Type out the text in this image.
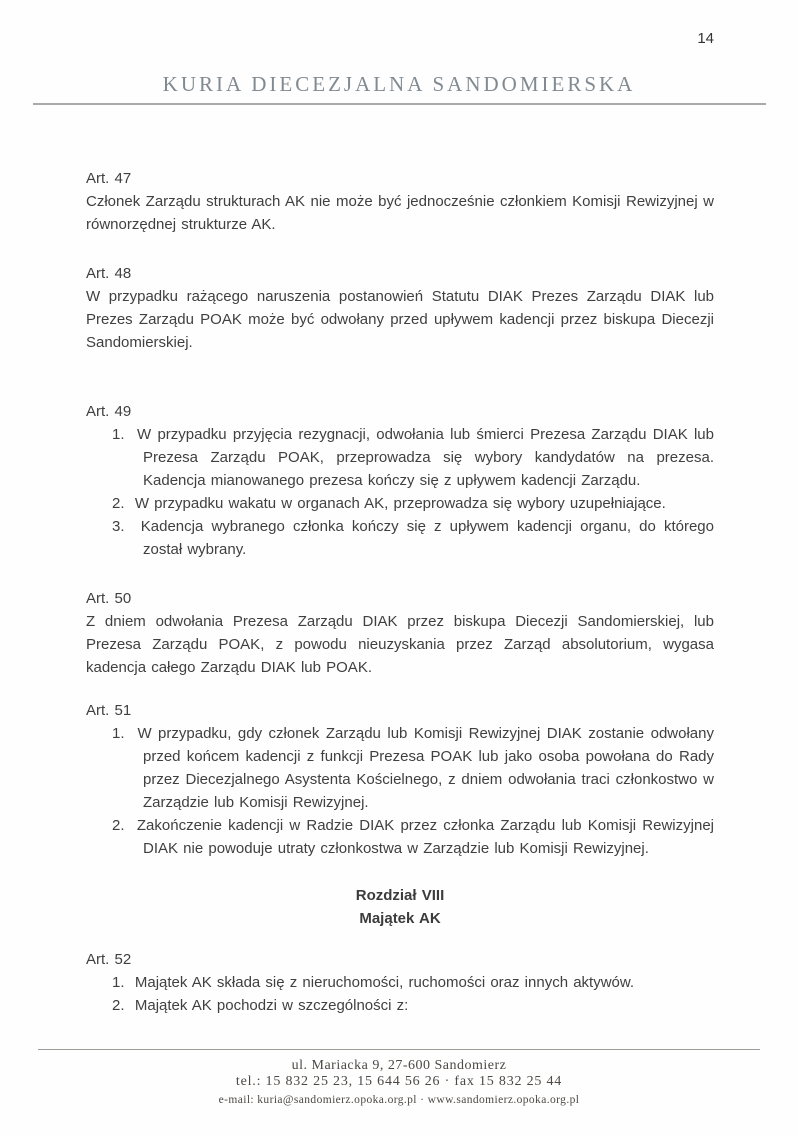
14
KURIA DIECEZJALNA SANDOMIERSKA
Art. 47

Członek Zarządu strukturach AK nie może być jednocześnie członkiem Komisji Rewizyjnej w równorzędnej strukturze AK.

Art. 48

W przypadku rażącego naruszenia postanowień Statutu DIAK Prezes Zarządu DIAK lub Prezes Zarządu POAK może być odwołany przed upływem kadencji przez biskupa Diecezji Sandomierskiej.

Art. 49
W przypadku przyjęcia rezygnacji, odwołania lub śmierci Prezesa Zarządu DIAK lub Prezesa Zarządu POAK, przeprowadza się wybory kandydatów na prezesa. Kadencja mianowanego prezesa kończy się z upływem kadencji Zarządu.
W przypadku wakatu w organach AK, przeprowadza się wybory uzupełniające.
Kadencja wybranego członka kończy się z upływem kadencji organu, do którego został wybrany.
Art. 50

Z dniem odwołania Prezesa Zarządu DIAK przez biskupa Diecezji Sandomierskiej, lub Prezesa Zarządu POAK, z powodu nieuzyskania przez Zarząd absolutorium, wygasa kadencja całego Zarządu DIAK lub POAK.

Art. 51
W przypadku, gdy członek Zarządu lub Komisji Rewizyjnej DIAK zostanie odwołany przed końcem kadencji z funkcji Prezesa POAK lub jako osoba powołana do Rady przez Diecezjalnego Asystenta Kościelnego, z dniem odwołania traci członkostwo w Zarządzie lub Komisji Rewizyjnej.
Zakończenie kadencji w Radzie DIAK przez członka Zarządu lub Komisji Rewizyjnej DIAK nie powoduje utraty członkostwa w Zarządzie lub Komisji Rewizyjnej.
Rozdział VIII
Majątek AK
Art. 52
Majątek AK składa się z nieruchomości, ruchomości oraz innych aktywów.
Majątek AK pochodzi w szczególności z:
ul. Mariacka 9, 27-600 Sandomierz
tel.: 15 832 25 23, 15 644 56 26 · fax 15 832 25 44
e-mail: kuria@sandomierz.opoka.org.pl · www.sandomierz.opoka.org.pl
